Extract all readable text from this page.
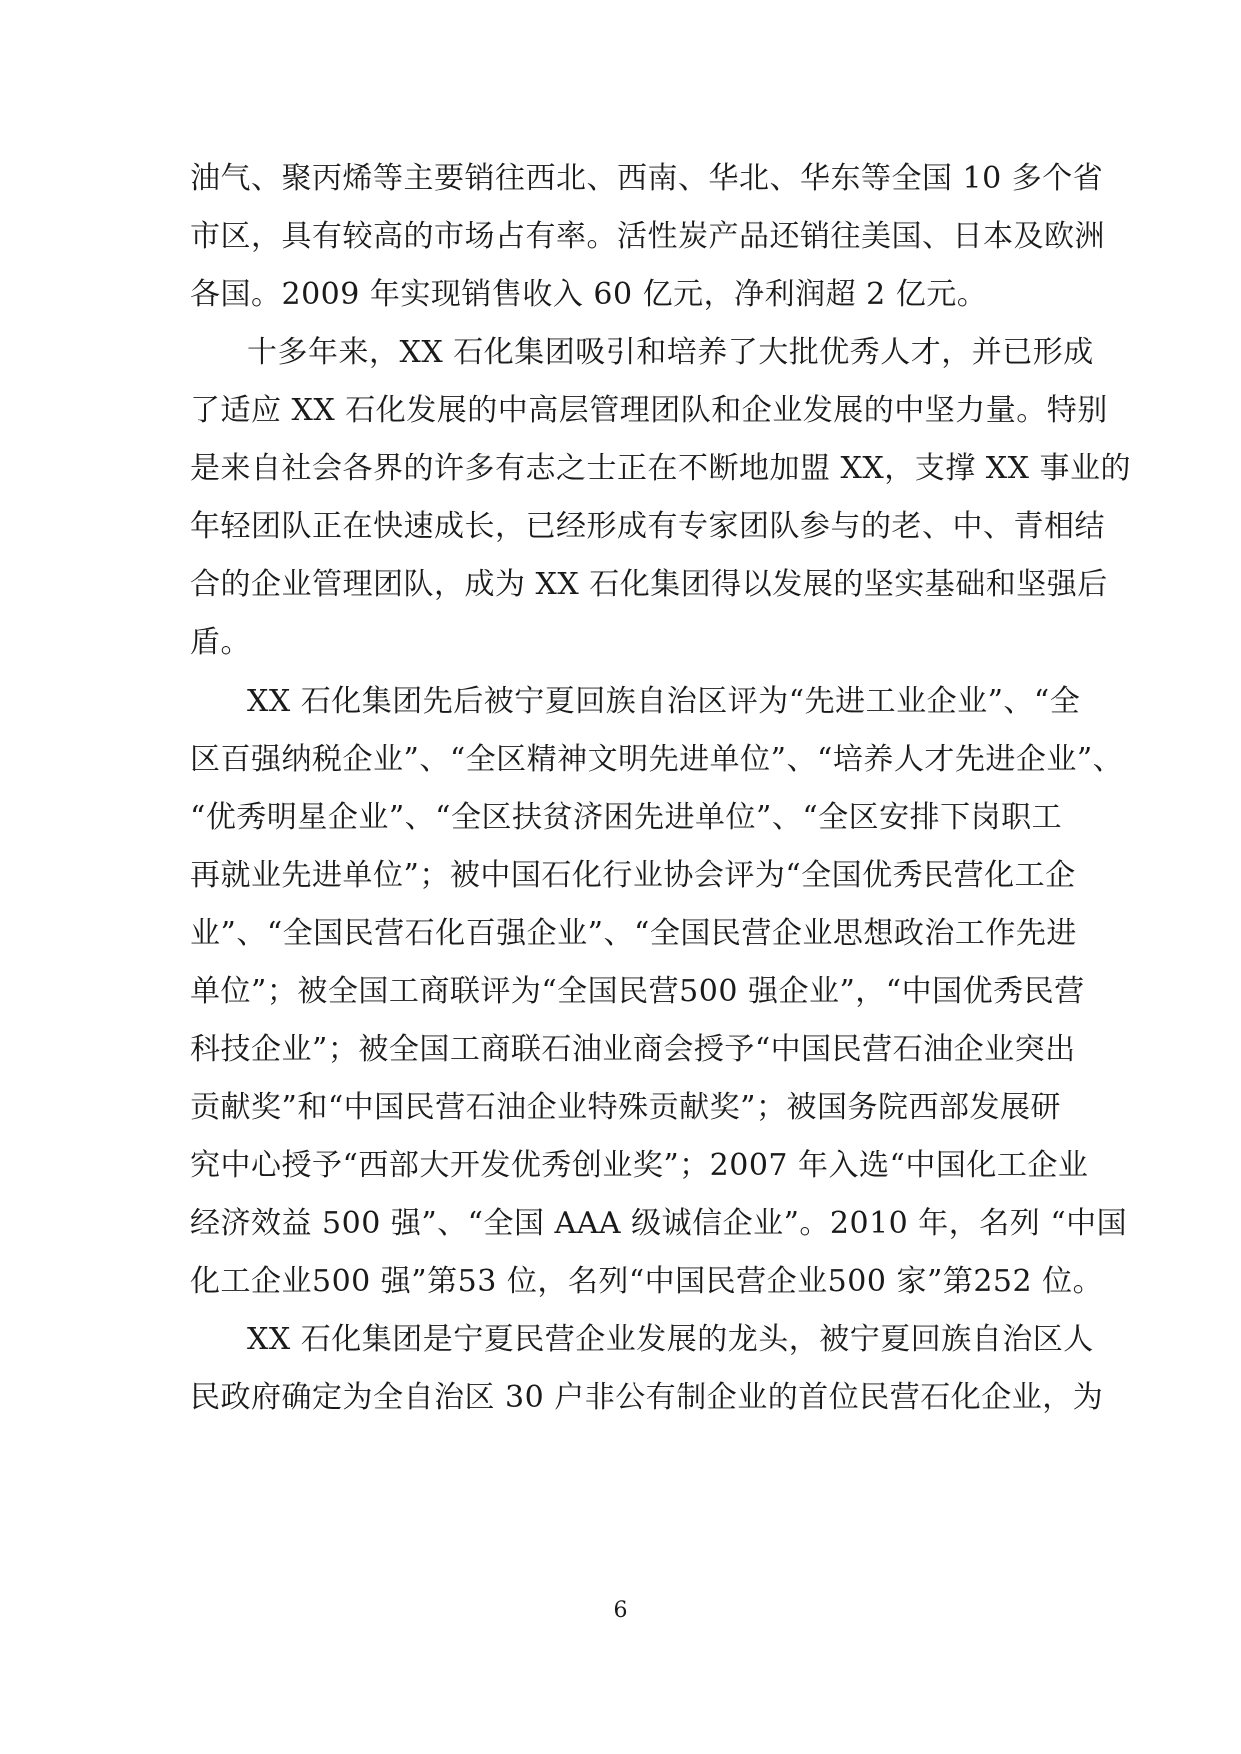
油气、聚丙烯等主要销往西北、西南、华北、华东等全国 10 多个省
市区，具有较高的市场占有率。活性炭产品还销往美国、日本及欧洲
各国。2009 年实现销售收入 60 亿元，净利润超 2 亿元。
十多年来，XX 石化集团吸引和培养了大批优秀人才，并已形成
了适应 XX 石化发展的中高层管理团队和企业发展的中坚力量。特别
是来自社会各界的许多有志之士正在不断地加盟 XX，支撑 XX 事业的
年轻团队正在快速成长，已经形成有专家团队参与的老、中、青相结
合的企业管理团队，成为 XX 石化集团得以发展的坚实基础和坚强后
盾。
XX 石化集团先后被宁夏回族自治区评为“先进工业企业”、“全
区百强纳税企业”、“全区精神文明先进单位”、“培养人才先进企业”、
“优秀明星企业”、“全区扶贫济困先进单位”、“全区安排下岗职工
再就业先进单位”；被中国石化行业协会评为“全国优秀民营化工企
业”、“全国民营石化百强企业”、“全国民营企业思想政治工作先进
单位”；被全国工商联评为“全国民营500 强企业”，“中国优秀民营
科技企业”；被全国工商联石油业商会授予“中国民营石油企业突出
贡献奖”和“中国民营石油企业特殊贡献奖”；被国务院西部发展研
究中心授予“西部大开发优秀创业奖”；2007 年入选“中国化工企业
经济效益 500 强”、“全国 AAA 级诚信企业”。2010 年，名列 “中国
化工企业500 强”第53 位，名列“中国民营企业500 家”第252 位。
XX 石化集团是宁夏民营企业发展的龙头，被宁夏回族自治区人
民政府确定为全自治区 30 户非公有制企业的首位民营石化企业，为
6
